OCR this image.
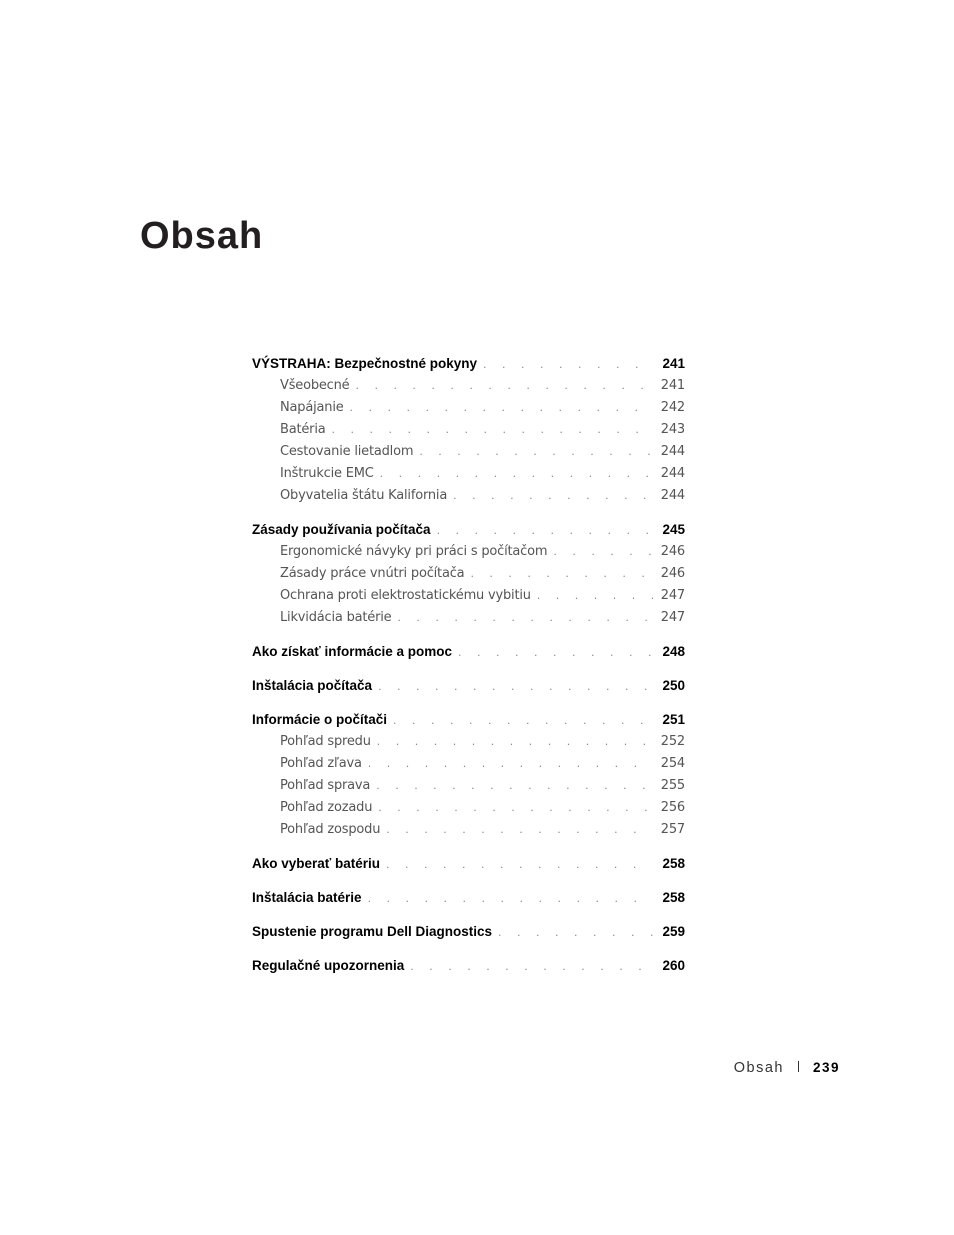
Obsah
VÝSTRAHA: Bezpečnostné pokyny . . .	241
Všeobecné . . .	241
Napájanie . . .	242
Batéria . . .	243
Cestovanie lietadlom . . .	244
Inštrukcie EMC . . .	244
Obyvatelia štátu Kalifornia . . .	244
Zásady používania počítača . . .	245
Ergonomické návyky pri práci s počítačom . . .	246
Zásady práce vnútri počítača . . .	246
Ochrana proti elektrostatickému vybitiu . . .	247
Likvidácia batérie . . .	247
Ako získať informácie a pomoc . . .	248
Inštalácia počítača . . .	250
Informácie o počítači . . .	251
Pohľad spredu . . .	252
Pohľad zľava . . .	254
Pohľad sprava . . .	255
Pohľad zozadu . . .	256
Pohľad zospodu . . .	257
Ako vyberať batériu . . .	258
Inštalácia batérie . . .	258
Spustenie programu Dell Diagnostics . . .	259
Regulačné upozornenia . . .	260
Obsah 239
